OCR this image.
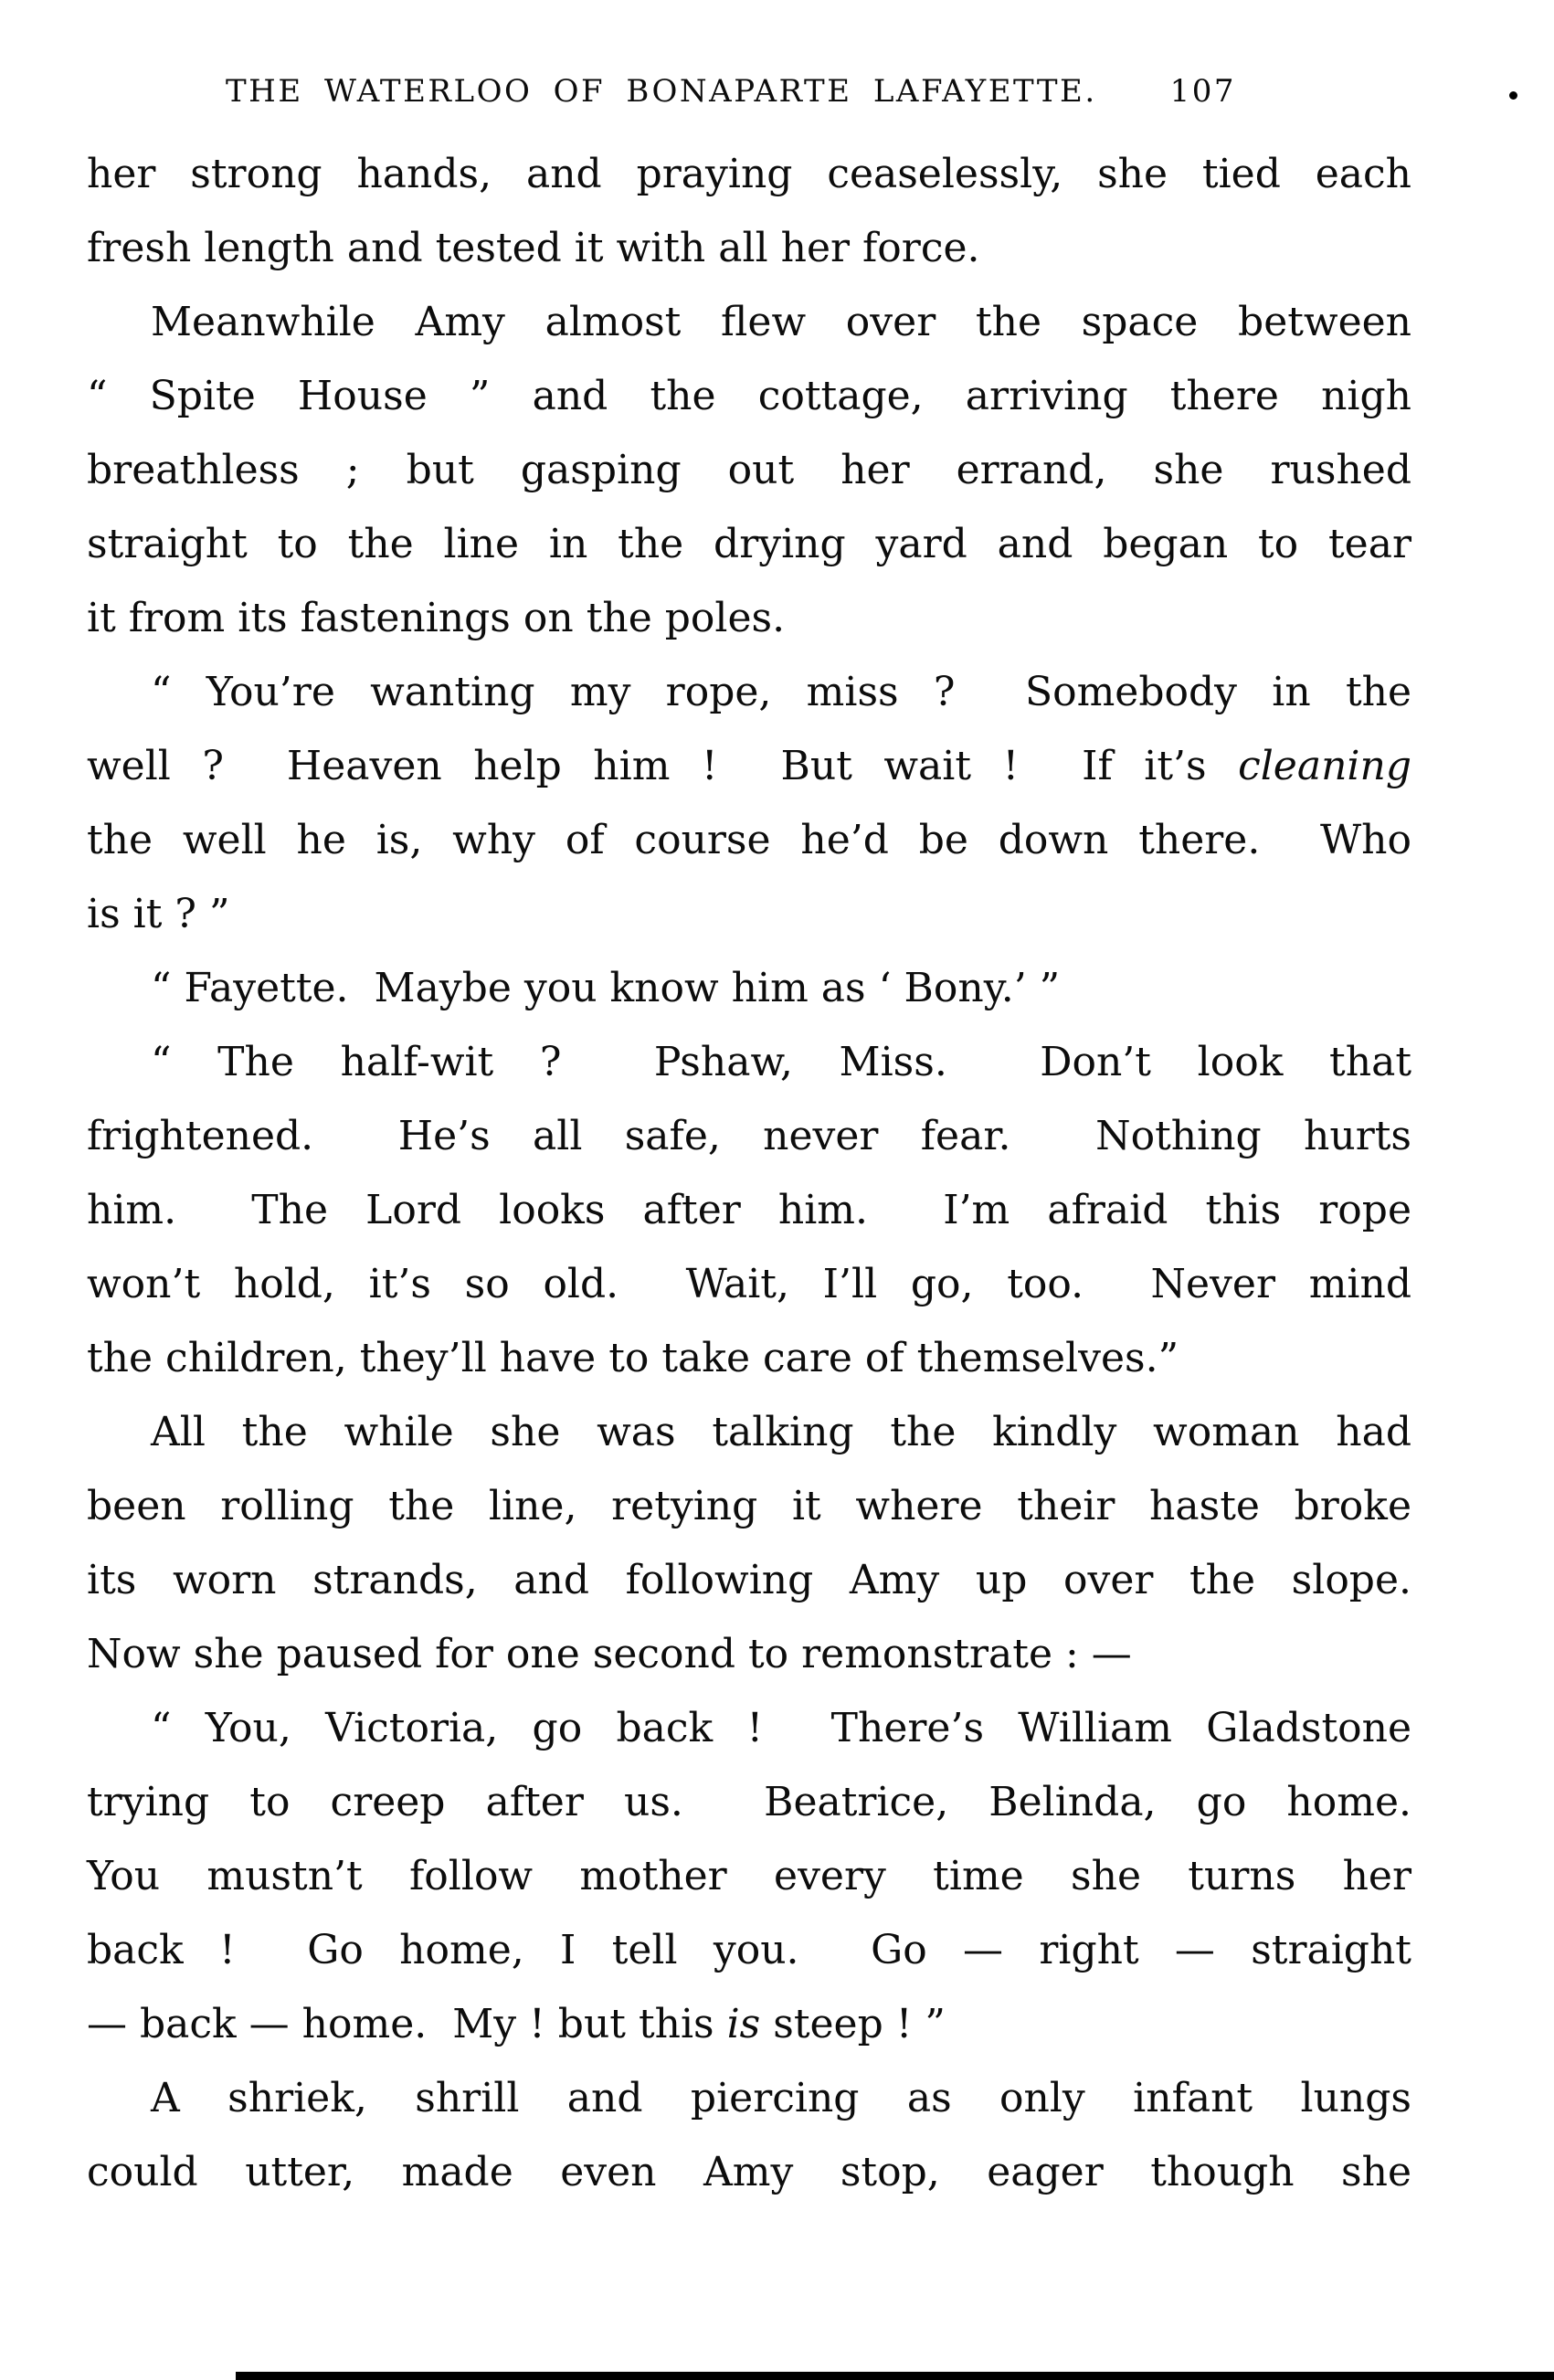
THE WATERLOO OF BONAPARTE LAFAYETTE. 107
her strong hands, and praying ceaselessly, she tied each
fresh length and tested it with all her force.
Meanwhile Amy almost flew over the space between
“ Spite House ” and the cottage, arriving there nigh
breathless ; but gasping out her errand, she rushed
straight to the line in the drying yard and began to tear
it from its fastenings on the poles.
“ You’re wanting my rope, miss ?  Somebody in the
well ?  Heaven help him !  But wait !  If it’s cleaning
the well he is, why of course he’d be down there.  Who
is it ? ”
“ Fayette.  Maybe you know him as ‘ Bony.’ ”
“ The half-wit ?  Pshaw, Miss.  Don’t look that
frightened.  He’s all safe, never fear.  Nothing hurts
him.  The Lord looks after him.  I’m afraid this rope
won’t hold, it’s so old.  Wait, I’ll go, too.  Never mind
the children, they’ll have to take care of themselves.”
All the while she was talking the kindly woman had
been rolling the line, retying it where their haste broke
its worn strands, and following Amy up over the slope.
Now she paused for one second to remonstrate : —
“ You, Victoria, go back !  There’s William Gladstone
trying to creep after us.  Beatrice, Belinda, go home.
You mustn’t follow mother every time she turns her
back !  Go home, I tell you.  Go — right — straight
— back — home.  My ! but this is steep ! ”
A shriek, shrill and piercing as only infant lungs
could utter, made even Amy stop, eager though she
